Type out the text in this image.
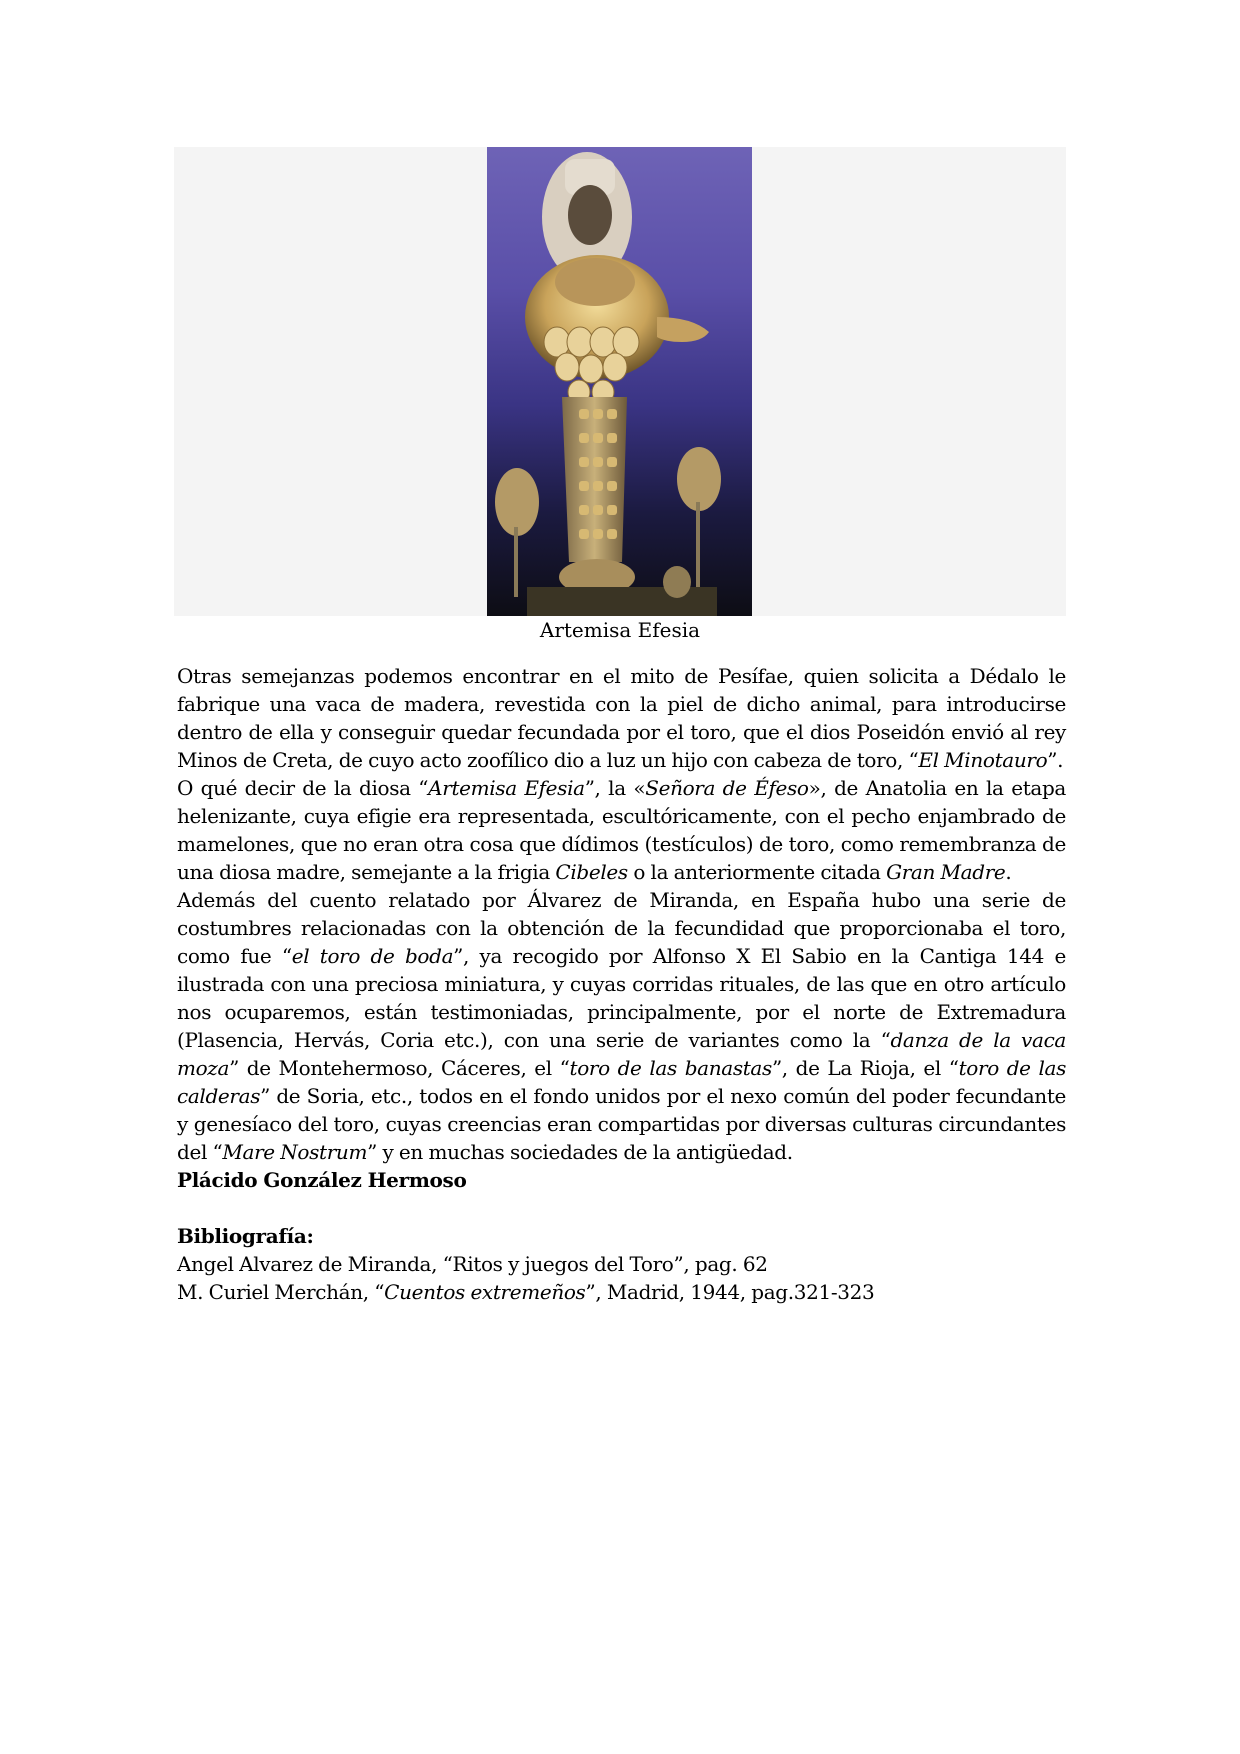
Artemisa Efesia

Otras semejanzas podemos encontrar en el mito de Pesífae, quien solicita a Dédalo le fabrique una vaca de madera, revestida con la piel de dicho animal, para introducirse dentro de ella y conseguir quedar fecundada por el toro, que el dios Poseidón envió al rey Minos de Creta, de cuyo acto zoofílico dio a luz un hijo con cabeza de toro, “El Minotauro”.

O qué decir de la diosa “Artemisa Efesia”, la «Señora de Éfeso», de Anatolia en la etapa helenizante, cuya efigie era representada, escultóricamente, con el pecho enjambrado de mamelones, que no eran otra cosa que dídimos (testículos) de toro, como remembranza de una diosa madre, semejante a la frigia Cibeles o la anteriormente citada Gran Madre.

Además del cuento relatado por Álvarez de Miranda, en España hubo una serie de costumbres relacionadas con la obtención de la fecundidad que proporcionaba el toro, como fue “el toro de boda”, ya recogido por Alfonso X El Sabio en la Cantiga 144 e ilustrada con una preciosa miniatura, y cuyas corridas rituales, de las que en otro artículo nos ocuparemos, están testimoniadas, principalmente, por el norte de Extremadura (Plasencia, Hervás, Coria etc.), con una serie de variantes como la “danza de la vaca moza” de Montehermoso, Cáceres, el “toro de las banastas”, de La Rioja, el “toro de las calderas” de Soria, etc., todos en el fondo unidos por el nexo común del poder fecundante y genesíaco del toro, cuyas creencias eran compartidas por diversas culturas circundantes del “Mare Nostrum” y en muchas sociedades de la antigüedad.

Plácido González Hermoso

Bibliografía:

Angel Alvarez de Miranda, “Ritos y juegos del Toro”, pag. 62

M. Curiel Merchán, “Cuentos extremeños”, Madrid, 1944, pag.321-323
